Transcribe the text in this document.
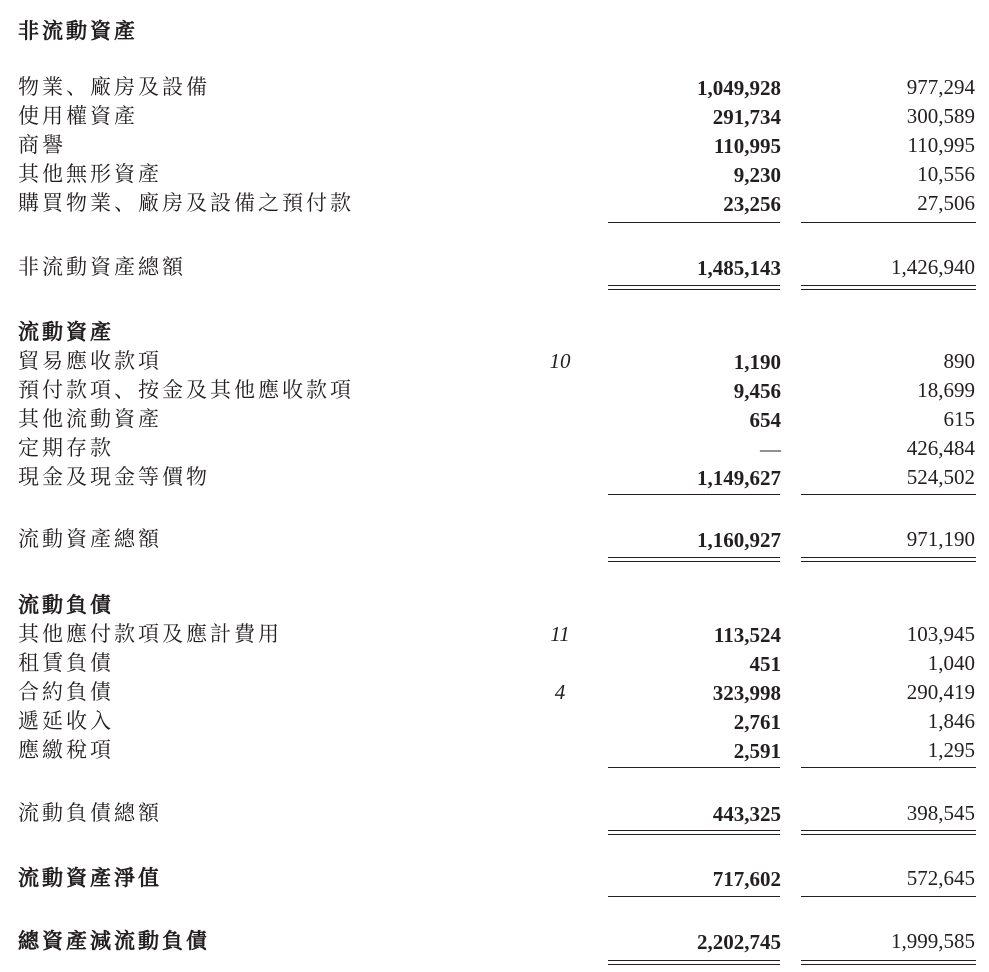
非流動資產
物業、廠房及設備	1,049,928	977,294
使用權資產	291,734	300,589
商譽	110,995	110,995
其他無形資產	9,230	10,556
購買物業、廠房及設備之預付款	23,256	27,506
非流動資產總額	1,485,143	1,426,940
流動資產
貿易應收款項	10	1,190	890
預付款項、按金及其他應收款項	9,456	18,699
其他流動資產	654	615
定期存款	—	426,484
現金及現金等價物	1,149,627	524,502
流動資產總額	1,160,927	971,190
流動負債
其他應付款項及應計費用	11	113,524	103,945
租賃負債	451	1,040
合約負債	4	323,998	290,419
遞延收入	2,761	1,846
應繳稅項	2,591	1,295
流動負債總額	443,325	398,545
流動資產淨值	717,602	572,645
總資產減流動負債	2,202,745	1,999,585
